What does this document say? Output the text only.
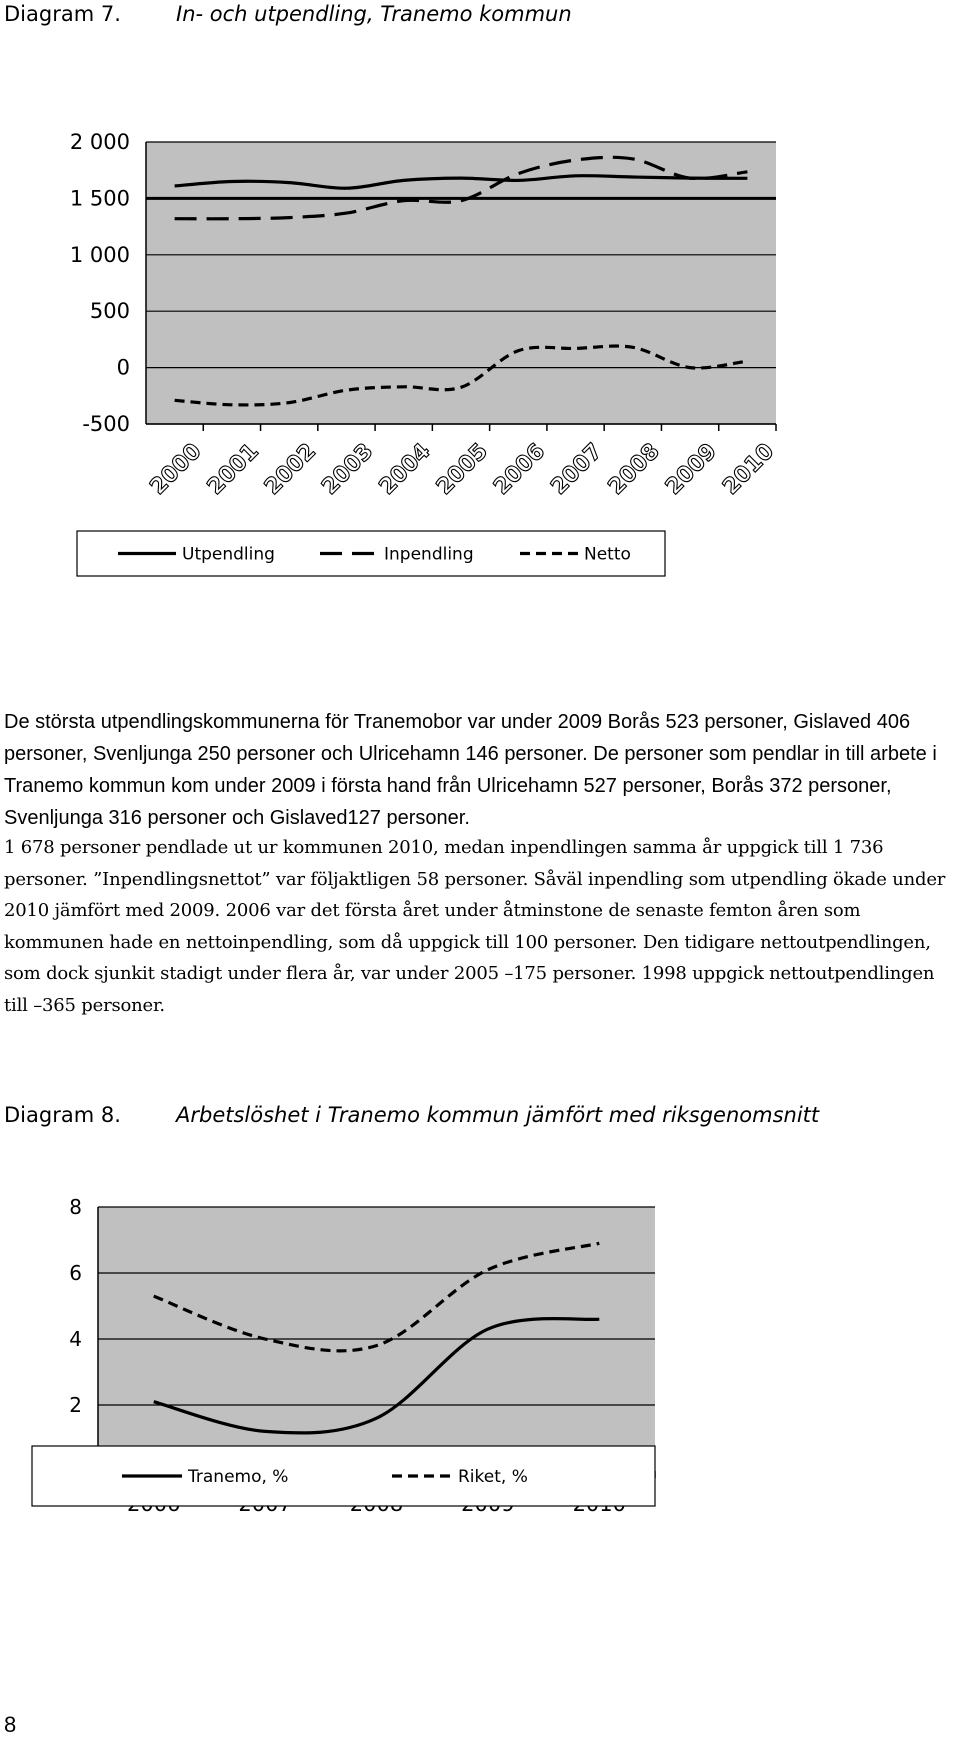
Diagram 7.	In- och utpendling, Tranemo kommun
2 000
1 500
1 000
500
0
-500
2000
2001
2002
2003
2004
2005
2006
2007
2008
2009
2010
Utpendling	Inpendling	Netto

De största utpendlingskommunerna för Tranemobor var under 2009 Borås 523 personer, Gislaved 406 personer, Svenljunga 250 personer och Ulricehamn 146 personer. De personer som pendlar in till arbete i Tranemo kommun kom under 2009 i första hand från Ulricehamn 527 personer, Borås 372 personer, Svenljunga 316 personer och Gislaved127 personer.

1 678 personer pendlade ut ur kommunen 2010, medan inpendlingen samma år uppgick till 1 736 personer. ”Inpendlingsnettot” var följaktligen 58 personer. Såväl inpendling som utpendling ökade under 2010 jämfört med 2009. 2006 var det första året under åtminstone de senaste femton åren som kommunen hade en nettoinpendling, som då uppgick till 100 personer. Den tidigare nettoutpendlingen, som dock sjunkit stadigt under flera år, var under 2005 –175 personer. 1998 uppgick nettoutpendlingen till –365 personer.

Diagram 8.	Arbetslöshet i Tranemo kommun jämfört med riksgenomsnitt
8
6
4
2
Tranemo, %	Riket, %
8
